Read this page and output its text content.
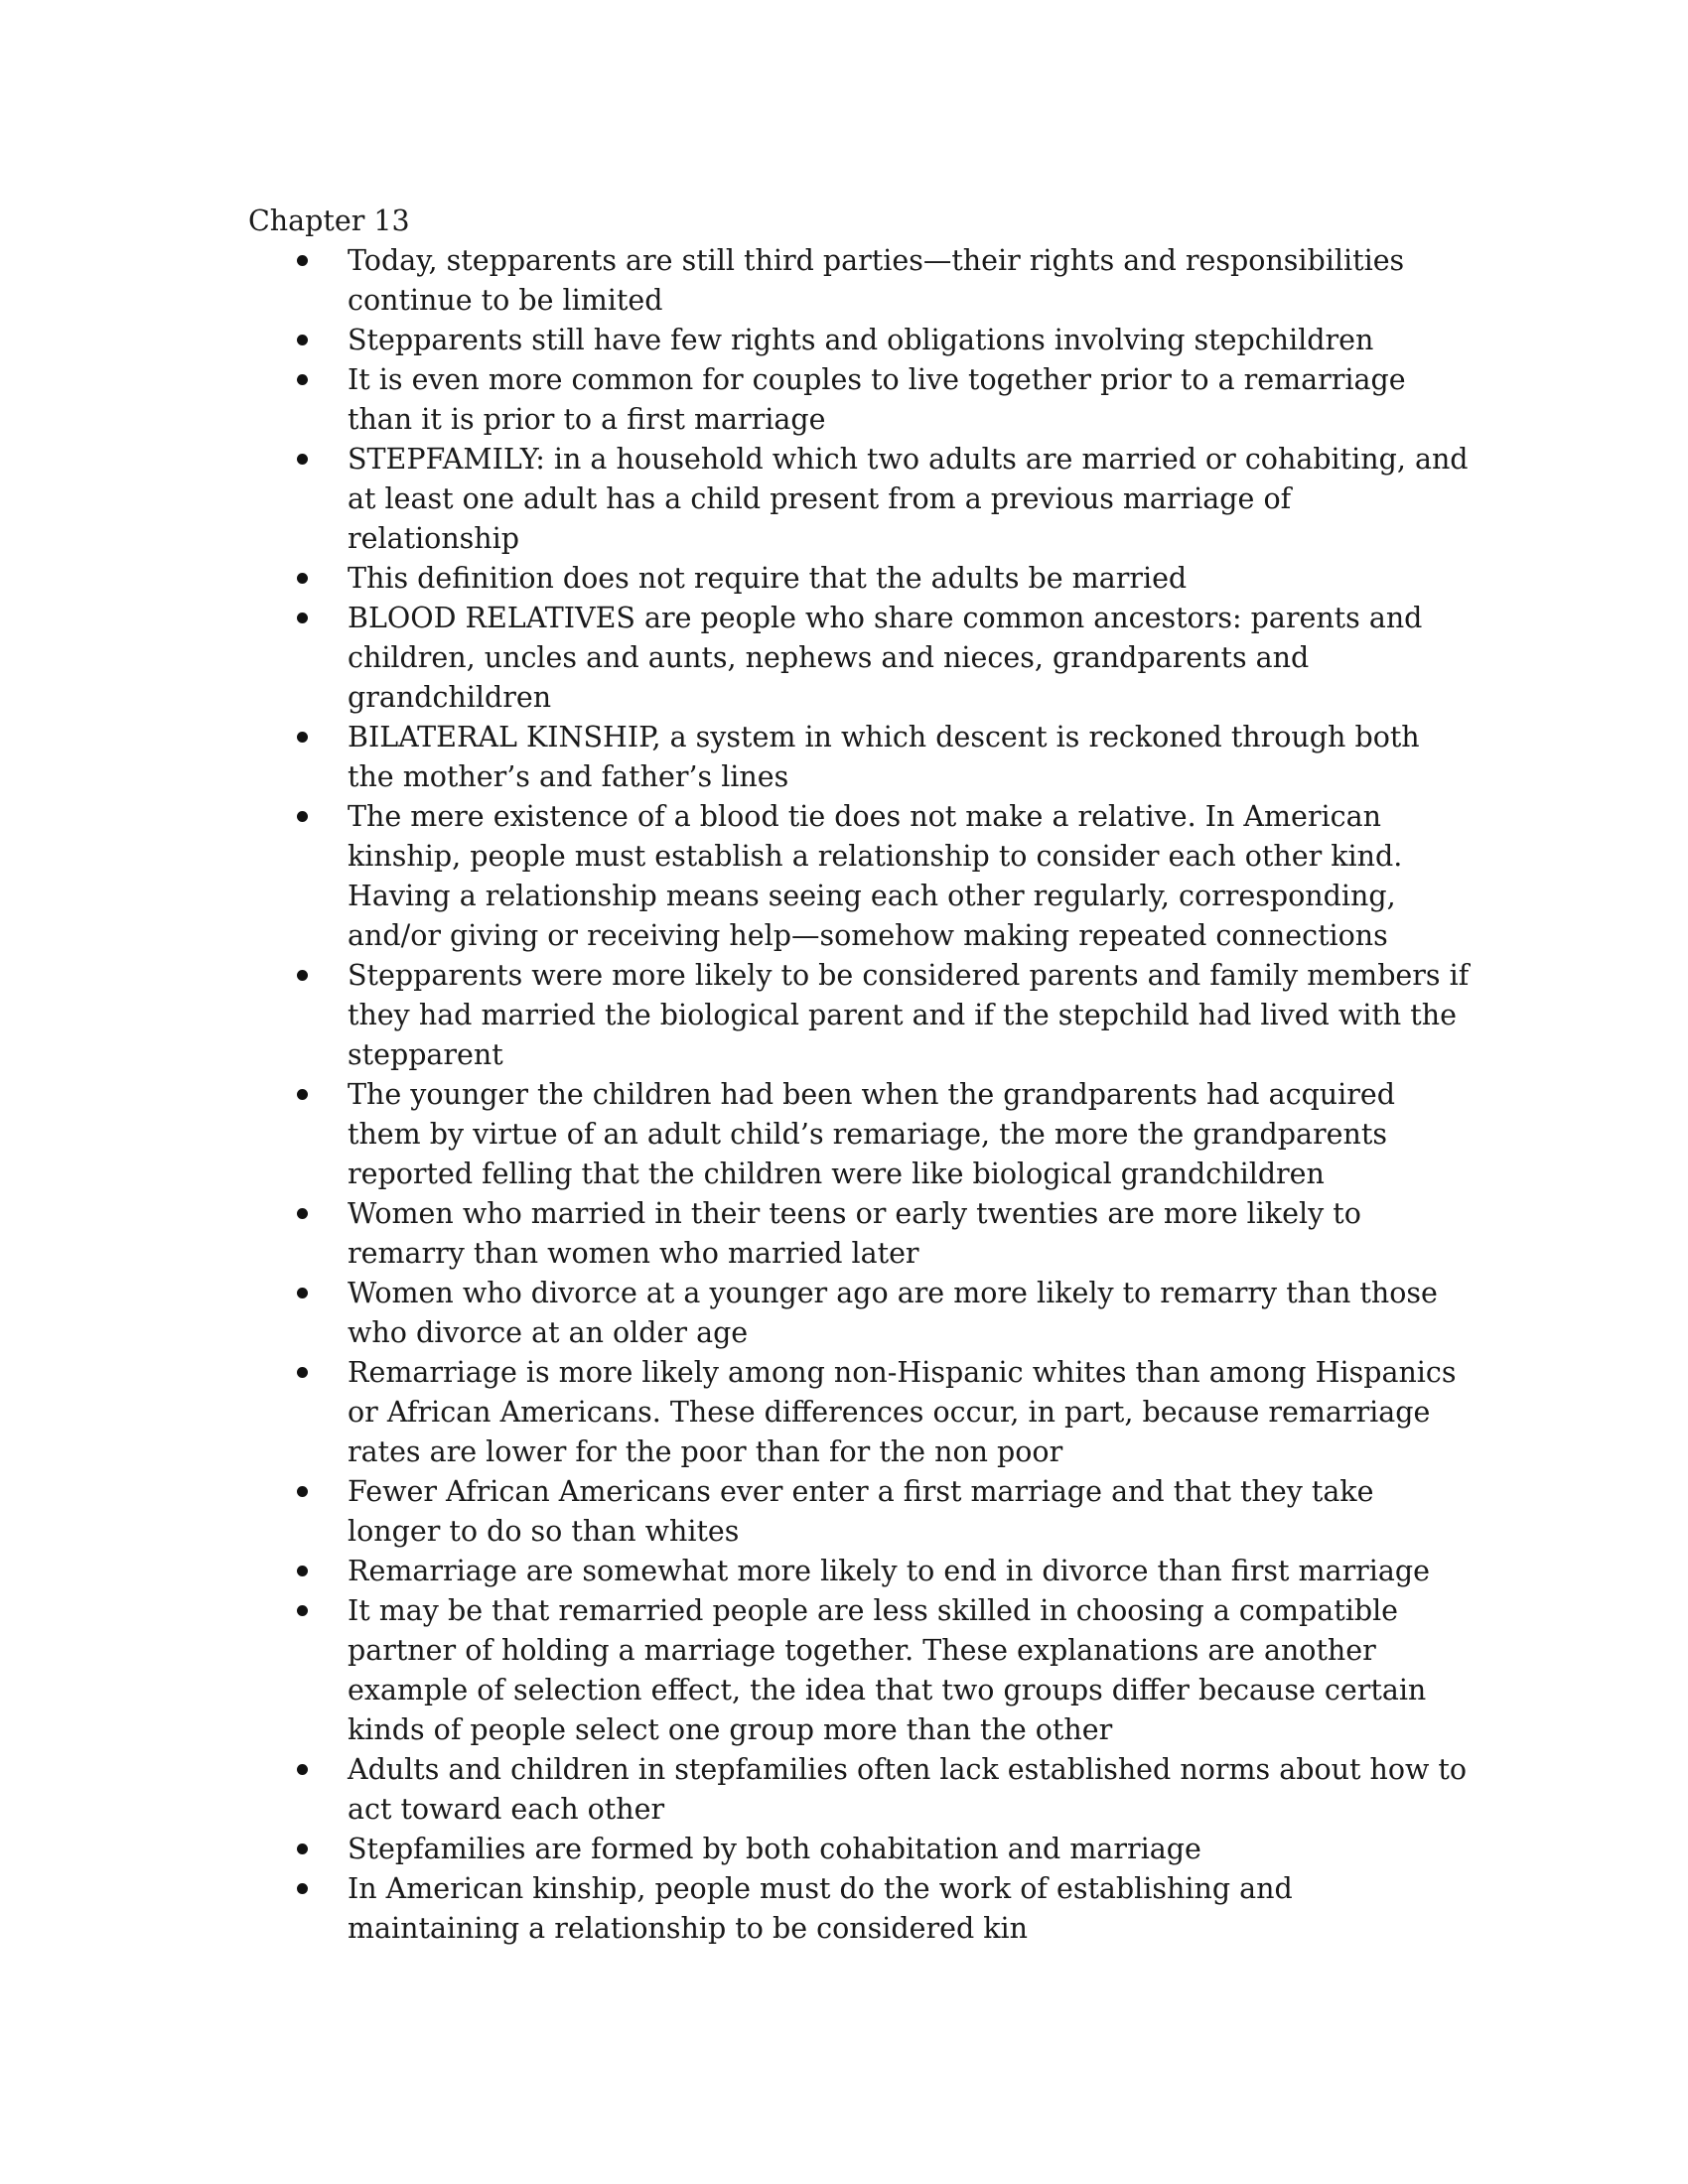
Chapter 13
Today, stepparents are still third parties—their rights and responsibilities continue to be limited
Stepparents still have few rights and obligations involving stepchildren
It is even more common for couples to live together prior to a remarriage than it is prior to a first marriage
STEPFAMILY: in a household which two adults are married or cohabiting, and at least one adult has a child present from a previous marriage of relationship
This definition does not require that the adults be married
BLOOD RELATIVES are people who share common ancestors: parents and children, uncles and aunts, nephews and nieces, grandparents and grandchildren
BILATERAL KINSHIP, a system in which descent is reckoned through both the mother’s and father’s lines
The mere existence of a blood tie does not make a relative. In American kinship, people must establish a relationship to consider each other kind. Having a relationship means seeing each other regularly, corresponding, and/or giving or receiving help—somehow making repeated connections
Stepparents were more likely to be considered parents and family members if they had married the biological parent and if the stepchild had lived with the stepparent
The younger the children had been when the grandparents had acquired them by virtue of an adult child’s remariage, the more the grandparents reported felling that the children were like biological grandchildren
Women who married in their teens or early twenties are more likely to remarry than women who married later
Women who divorce at a younger ago are more likely to remarry than those who divorce at an older age
Remarriage is more likely among non-Hispanic whites than among Hispanics or African Americans. These differences occur, in part, because remarriage rates are lower for the poor than for the non poor
Fewer African Americans ever enter a first marriage and that they take longer to do so than whites
Remarriage are somewhat more likely to end in divorce than first marriage
It may be that remarried people are less skilled in choosing a compatible partner of holding a marriage together. These explanations are another example of selection effect, the idea that two groups differ because certain kinds of people select one group more than the other
Adults and children in stepfamilies often lack established norms about how to act toward each other
Stepfamilies are formed by both cohabitation and marriage
In American kinship, people must do the work of establishing and maintaining a relationship to be considered kin
